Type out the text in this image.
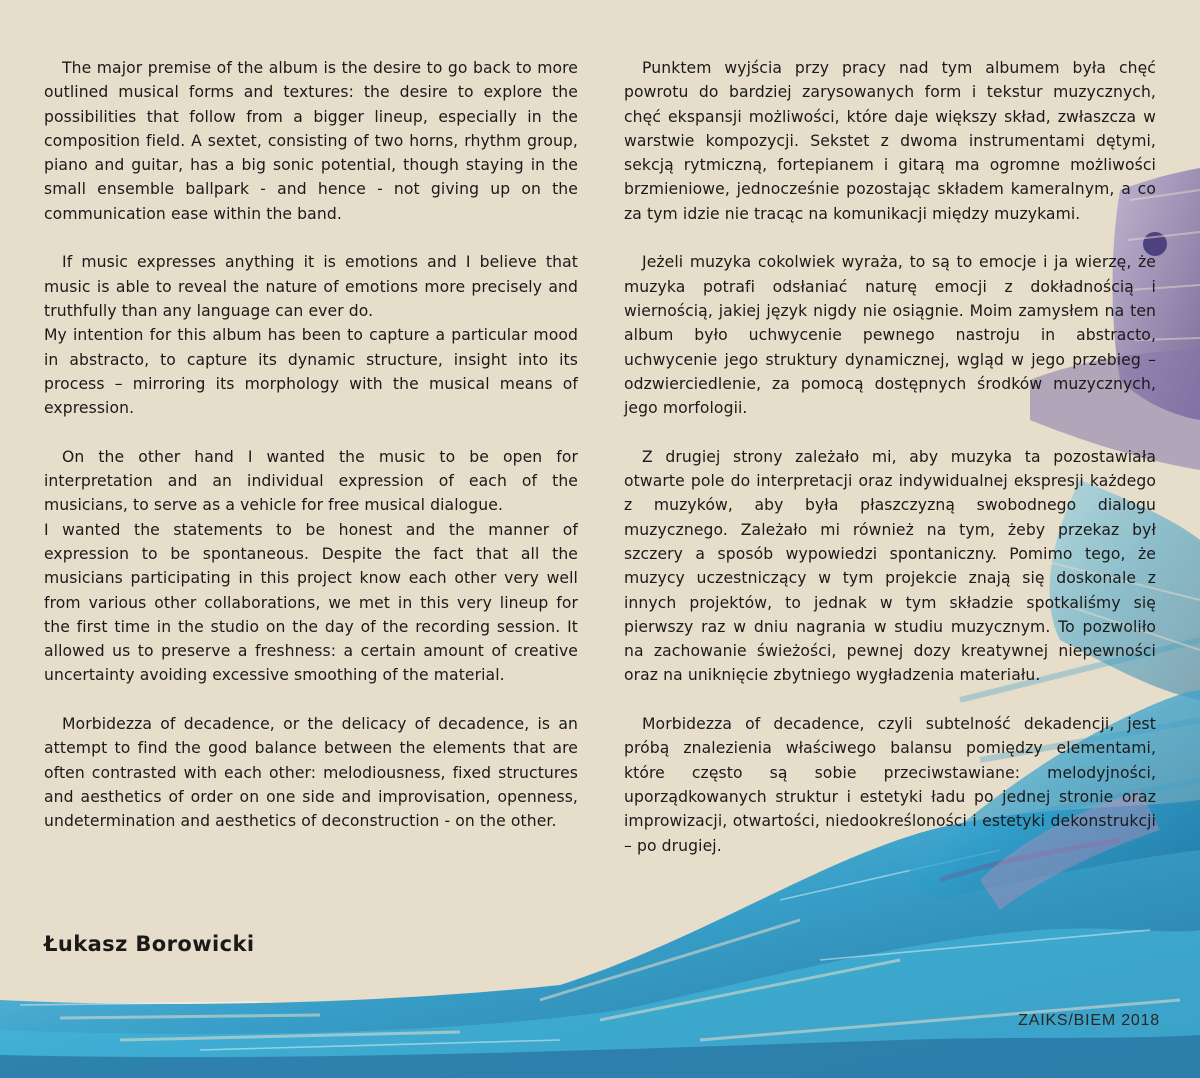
The major premise of the album is the desire to go back to more outlined musical forms and textures: the desire to explore the possibilities that follow from a bigger lineup, especially in the composition field. A sextet, consisting of two horns, rhythm group, piano and guitar, has a big sonic potential, though staying in the small ensemble ballpark - and hence - not giving up on the communication ease within the band.

If music expresses anything it is emotions and I believe that music is able to reveal the nature of emotions more precisely and truthfully than any language can ever do.

My intention for this album has been to capture a particular mood in abstracto, to capture its dynamic structure, insight into its process – mirroring its morphology with the musical means of expression.

On the other hand I wanted the music to be open for interpretation and an individual expression of each of the musicians, to serve as a vehicle for free musical dialogue.

I wanted the statements to be honest and the manner of expression to be spontaneous. Despite the fact that all the musicians participating in this project know each other very well from various other collaborations, we met in this very lineup for the first time in the studio on the day of the recording session. It allowed us to preserve a freshness: a certain amount of creative uncertainty avoiding excessive smoothing of the material.

Morbidezza of decadence, or the delicacy of decadence, is an attempt to find the good balance between the elements that are often contrasted with each other: melodiousness, fixed structures and aesthetics of order on one side and improvisation, openness, undetermination and aesthetics of deconstruction - on the other.

Łukasz Borowicki

Punktem wyjścia przy pracy nad tym albumem była chęć powrotu do bardziej zarysowanych form i tekstur muzycznych, chęć ekspansji możliwości, które daje większy skład, zwłaszcza w warstwie kompozycji. Sekstet z dwoma instrumentami dętymi, sekcją rytmiczną, fortepianem i gitarą ma ogromne możliwości brzmieniowe, jednocześnie pozostając składem kameralnym, a co za tym idzie nie tracąc na komunikacji między muzykami.

Jeżeli muzyka cokolwiek wyraża, to są to emocje i ja wierzę, że muzyka potrafi odsłaniać naturę emocji z dokładnością i wiernością, jakiej język nigdy nie osiągnie. Moim zamysłem na ten album było uchwycenie pewnego nastroju in abstracto, uchwycenie jego struktury dynamicznej, wgląd w jego przebieg – odzwierciedlenie, za pomocą dostępnych środków muzycznych, jego morfologii.

Z drugiej strony zależało mi, aby muzyka ta pozostawiała otwarte pole do interpretacji oraz indywidualnej ekspresji każdego z muzyków, aby była płaszczyzną swobodnego dialogu muzycznego. Zależało mi również na tym, żeby przekaz był szczery a sposób wypowiedzi spontaniczny. Pomimo tego, że muzycy uczestniczący w tym projekcie znają się doskonale z innych projektów, to jednak w tym składzie spotkaliśmy się pierwszy raz w dniu nagrania w studiu muzycznym. To pozwoliło na zachowanie świeżości, pewnej dozy kreatywnej niepewności oraz na uniknięcie zbytniego wygładzenia materiału.

Morbidezza of decadence, czyli subtelność dekadencji, jest próbą znalezienia właściwego balansu pomiędzy elementami, które często są sobie przeciwstawiane: melodyjności, uporządkowanych struktur i estetyki ładu po jednej stronie oraz improwizacji, otwartości, niedookreśloności i estetyki dekonstrukcji – po drugiej.

ZAIKS/BIEM 2018
